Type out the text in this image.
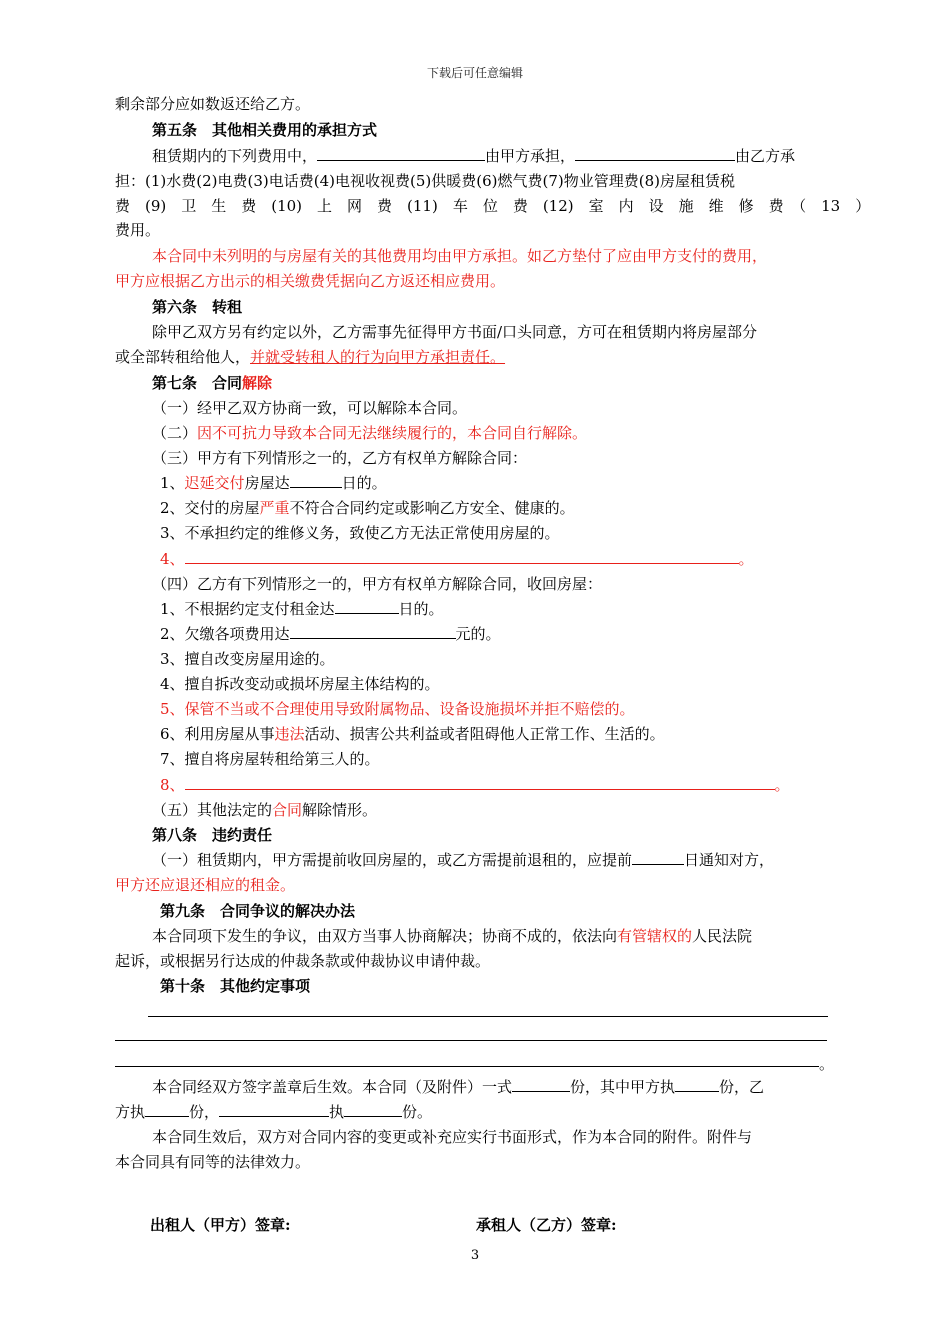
下载后可任意编辑
剩余部分应如数返还给乙方。
第五条　其他相关费用的承担方式
租赁期内的下列费用中，	由甲方承担，	由乙方承
担：(1)水费(2)电费(3)电话费(4)电视收视费(5)供暖费(6)燃气费(7)物业管理费(8)房屋租赁税
费　(9)　卫　生　费　(10)　上　网　费　(11)　车　位　费　(12)　室　内　设　施　维　修　费　（　13　）
费用。
本合同中未列明的与房屋有关的其他费用均由甲方承担。如乙方垫付了应由甲方支付的费用，
甲方应根据乙方出示的相关缴费凭据向乙方返还相应费用。
第六条　转租
除甲乙双方另有约定以外，乙方需事先征得甲方书面/口头同意，方可在租赁期内将房屋部分
或全部转租给他人，并就受转租人的行为向甲方承担责任。
第七条　合同解除
（一）经甲乙双方协商一致，可以解除本合同。
（二）因不可抗力导致本合同无法继续履行的，本合同自行解除。
（三）甲方有下列情形之一的，乙方有权单方解除合同：
1、迟延交付房屋达	日的。
2、交付的房屋严重不符合合同约定或影响乙方安全、健康的。
3、不承担约定的维修义务，致使乙方无法正常使用房屋的。
4、	。
（四）乙方有下列情形之一的，甲方有权单方解除合同，收回房屋：
1、不根据约定支付租金达	日的。
2、欠缴各项费用达	元的。
3、擅自改变房屋用途的。
4、擅自拆改变动或损坏房屋主体结构的。
5、保管不当或不合理使用导致附属物品、设备设施损坏并拒不赔偿的。
6、利用房屋从事违法活动、损害公共利益或者阻碍他人正常工作、生活的。
7、擅自将房屋转租给第三人的。
8、	。
（五）其他法定的合同解除情形。
第八条　违约责任
（一）租赁期内，甲方需提前收回房屋的，或乙方需提前退租的，应提前	日通知对方，
甲方还应退还相应的租金。
第九条　合同争议的解决办法
本合同项下发生的争议，由双方当事人协商解决；协商不成的，依法向有管辖权的人民法院
起诉，或根据另行达成的仲裁条款或仲裁协议申请仲裁。
第十条　其他约定事项
。
本合同经双方签字盖章后生效。本合同（及附件）一式	份，其中甲方执	份，乙
方执	份，	执	份。
本合同生效后，双方对合同内容的变更或补充应实行书面形式，作为本合同的附件。附件与
本合同具有同等的法律效力。
出租人（甲方）签章:	承租人（乙方）签章:
3
